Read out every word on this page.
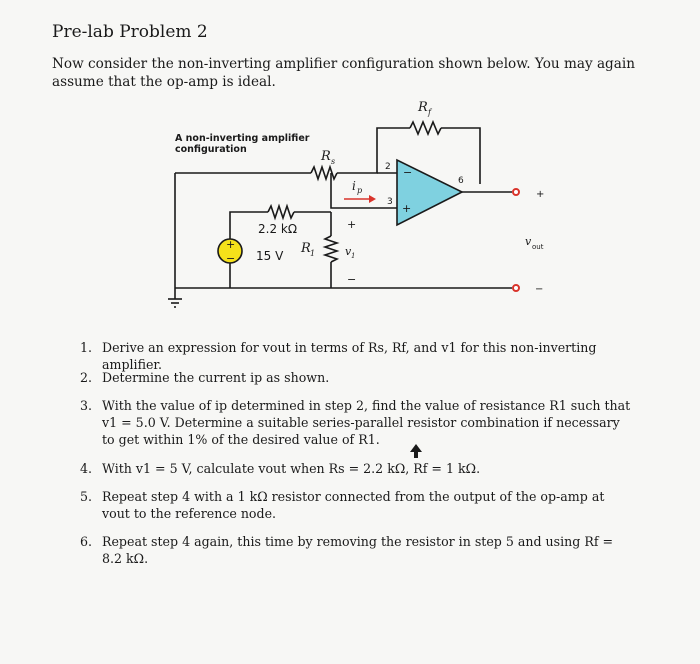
Pre-lab Problem 2
Now consider the non-inverting amplifier configuration shown below. You may again assume that the op-amp is ideal.
+
−
A non-inverting amplifier
configuration
R f
R s
2.2 kΩ
15 V R 1
i p
+
v 1
−
2
3
6
−
+
+
v out
−
1. Derive an expression for vout in terms of Rs, Rf, and v1 for this non-inverting amplifier.
2. Determine the current ip as shown.
3. With the value of ip determined in step 2, find the value of resistance R1 such that v1 = 5.0 V. Determine a suitable series-parallel resistor combination if necessary to get within 1% of the desired value of R1.
4. With v1 = 5 V, calculate vout when Rs = 2.2 kΩ, Rf = 1 kΩ.
5. Repeat step 4 with a 1 kΩ resistor connected from the output of the op-amp at vout to the reference node.
6. Repeat step 4 again, this time by removing the resistor in step 5 and using Rf = 8.2 kΩ.
